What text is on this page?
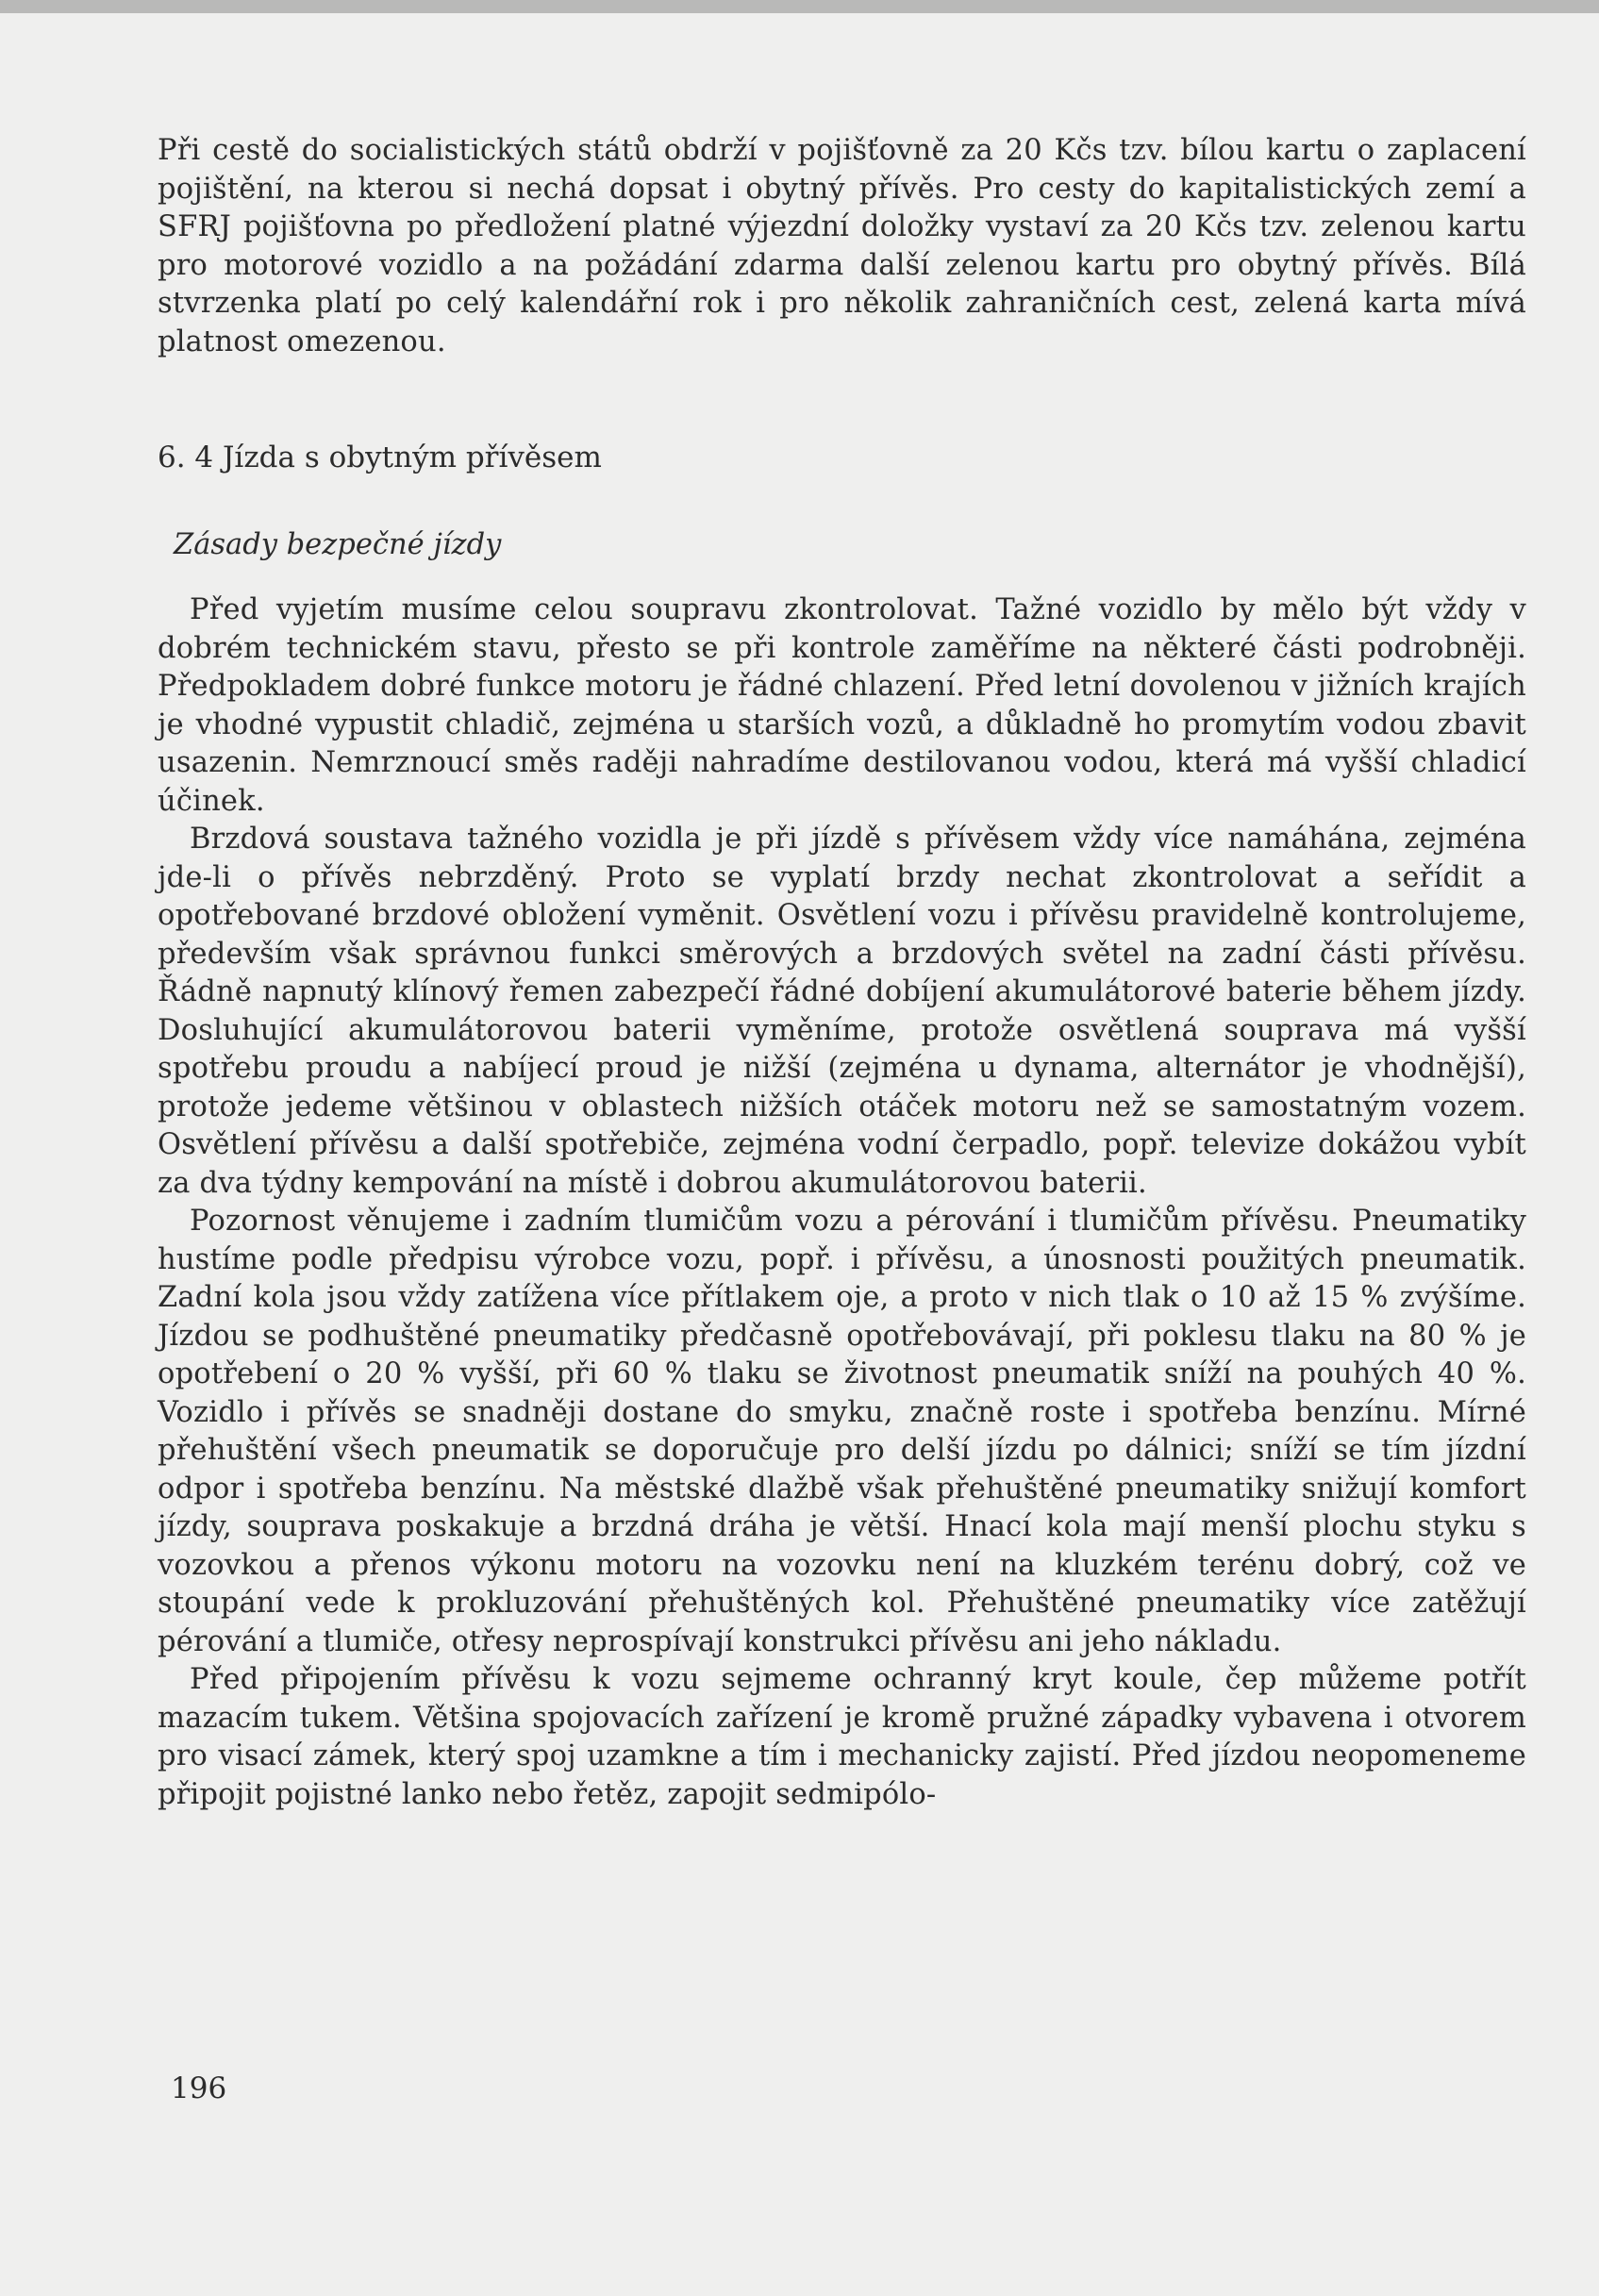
Při cestě do socialistických států obdrží v pojišťovně za 20 Kčs tzv. bílou kartu o zaplacení pojištění, na kterou si nechá dopsat i obytný přívěs. Pro cesty do kapitalistických zemí a SFRJ pojišťovna po předložení platné výjezdní doložky vystaví za 20 Kčs tzv. zelenou kartu pro motorové vozidlo a na požádání zdarma další zelenou kartu pro obytný přívěs. Bílá stvrzenka platí po celý kalendářní rok i pro několik zahraničních cest, zelená karta mívá platnost omezenou.

6. 4 Jízda s obytným přívěsem
Zásady bezpečné jízdy

Před vyjetím musíme celou soupravu zkontrolovat. Tažné vozidlo by mělo být vždy v dobrém technickém stavu, přesto se při kontrole zaměříme na některé části podrobněji. Předpokladem dobré funkce motoru je řádné chlazení. Před letní dovolenou v jižních krajích je vhodné vypustit chladič, zejména u starších vozů, a důkladně ho promytím vodou zbavit usazenin. Nemrznoucí směs raději nahradíme destilovanou vodou, která má vyšší chladicí účinek.

Brzdová soustava tažného vozidla je při jízdě s přívěsem vždy více namáhána, zejména jde-li o přívěs nebrzděný. Proto se vyplatí brzdy nechat zkontrolovat a seřídit a opotřebované brzdové obložení vyměnit. Osvětlení vozu i přívěsu pravidelně kontrolujeme, především však správnou funkci směrových a brzdových světel na zadní části přívěsu. Řádně napnutý klínový řemen zabezpečí řádné dobíjení akumulátorové baterie během jízdy. Dosluhující akumulátorovou baterii vyměníme, protože osvětlená souprava má vyšší spotřebu proudu a nabíjecí proud je nižší (zejména u dynama, alternátor je vhodnější), protože jedeme většinou v oblastech nižších otáček motoru než se samostatným vozem. Osvětlení přívěsu a další spotřebiče, zejména vodní čerpadlo, popř. televize dokážou vybít za dva týdny kempování na místě i dobrou akumulátorovou baterii.

Pozornost věnujeme i zadním tlumičům vozu a pérování i tlumičům přívěsu. Pneumatiky hustíme podle předpisu výrobce vozu, popř. i přívěsu, a únosnosti použitých pneumatik. Zadní kola jsou vždy zatížena více přítlakem oje, a proto v nich tlak o 10 až 15 % zvýšíme. Jízdou se podhuštěné pneumatiky předčasně opotřebovávají, při poklesu tlaku na 80 % je opotřebení o 20 % vyšší, při 60 % tlaku se životnost pneumatik sníží na pouhých 40 %. Vozidlo i přívěs se snadněji dostane do smyku, značně roste i spotřeba benzínu. Mírné přehuštění všech pneumatik se doporučuje pro delší jízdu po dálnici; sníží se tím jízdní odpor i spotřeba benzínu. Na městské dlažbě však přehuštěné pneumatiky snižují komfort jízdy, souprava poskakuje a brzdná dráha je větší. Hnací kola mají menší plochu styku s vozovkou a přenos výkonu motoru na vozovku není na kluzkém terénu dobrý, což ve stoupání vede k prokluzování přehuštěných kol. Přehuštěné pneumatiky více zatěžují pérování a tlumiče, otřesy neprospívají konstrukci přívěsu ani jeho nákladu.

Před připojením přívěsu k vozu sejmeme ochranný kryt koule, čep můžeme potřít mazacím tukem. Většina spojovacích zařízení je kromě pružné západky vybavena i otvorem pro visací zámek, který spoj uzamkne a tím i mechanicky zajistí. Před jízdou neopomeneme připojit pojistné lanko nebo řetěz, zapojit sedmipólo-

196
